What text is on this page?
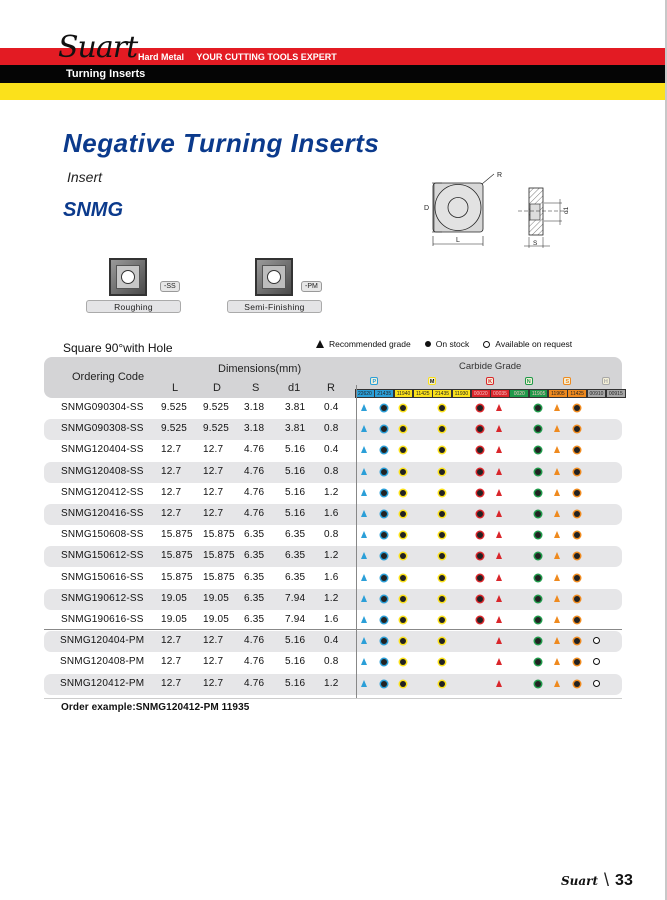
Suart Hard Metal YOUR CUTTING TOOLS EXPERT
Turning Inserts
Negative Turning Inserts
Insert
SNMG	D
L
R
S
d1
-SS
Roughing
-PM
Semi-Finishing
Square 90°with Hole	Recommended grade	On stock	Available on request
Ordering Code
Dimensions(mm)
L	D	S	d1 R
Carbide Grade
P	M	K	N	S	H
22620	21435	11940	11425	21435	11930	00020	00035	0020	11905	11905	11425	00910	00915
SNMG090304-SS 9.525 9.525 3.18 3.81 0.4
SNMG090308-SS 9.525 9.525 3.18 3.81 0.8
SNMG120404-SS 12.7 12.7 4.76 5.16 0.4
SNMG120408-SS 12.7 12.7 4.76 5.16 0.8
SNMG120412-SS 12.7 12.7 4.76 5.16 1.2
SNMG120416-SS 12.7 12.7 4.76 5.16 1.6
SNMG150608-SS 15.875 15.875 6.35 6.35 0.8
SNMG150612-SS 15.875 15.875 6.35 6.35 1.2
SNMG150616-SS 15.875 15.875 6.35 6.35 1.6
SNMG190612-SS 19.05 19.05 6.35 7.94 1.2
SNMG190616-SS 19.05 19.05 6.35 7.94 1.6
SNMG120404-PM 12.7 12.7 4.76 5.16 0.4
SNMG120408-PM 12.7 12.7 4.76 5.16 0.8
SNMG120412-PM 12.7 12.7 4.76 5.16 1.2
Order example:SNMG120412-PM 11935
Suart \ 33
